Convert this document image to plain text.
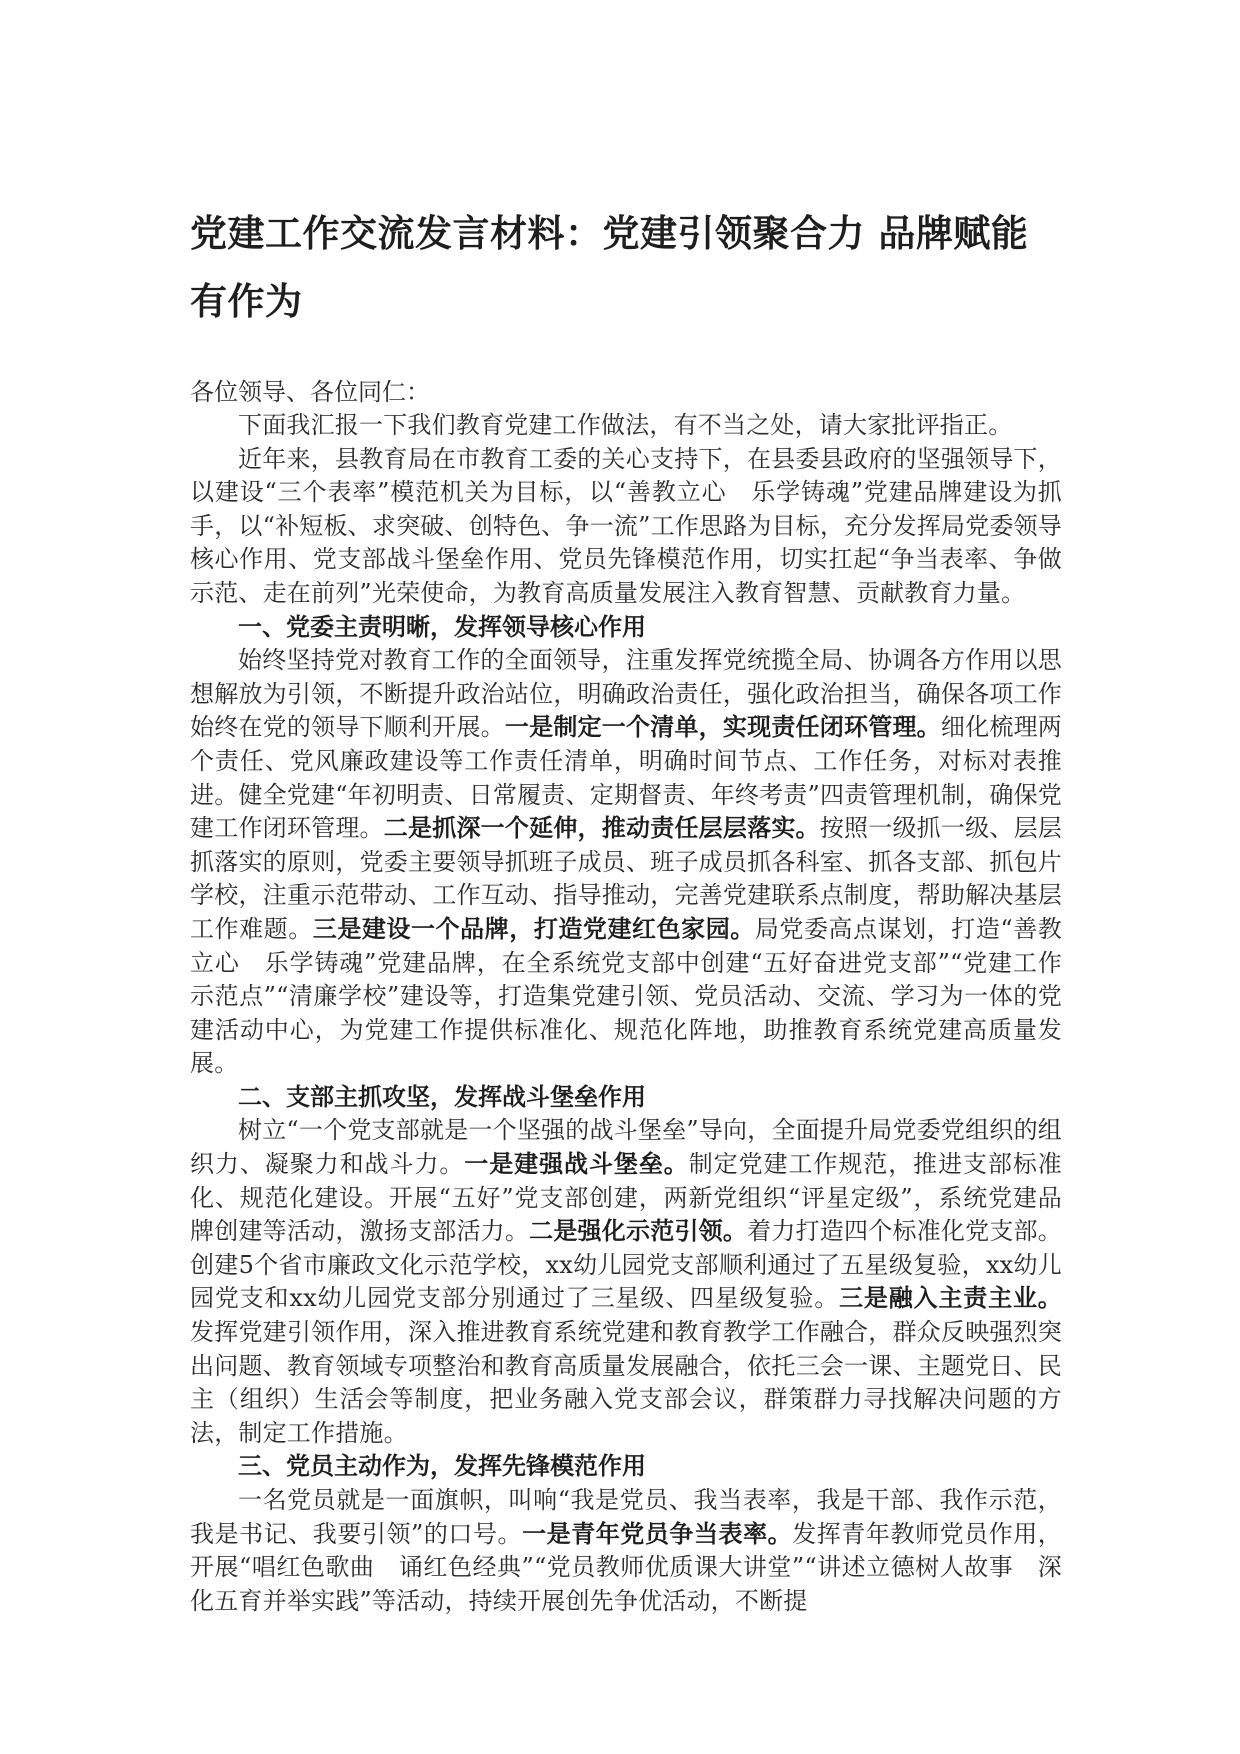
党建工作交流发言材料：党建引领聚合力 品牌赋能有作为

各位领导、各位同仁：

下面我汇报一下我们教育党建工作做法，有不当之处，请大家批评指正。

近年来，县教育局在市教育工委的关心支持下，在县委县政府的坚强领导下，以建设“三个表率”模范机关为目标，以“善教立心　乐学铸魂”党建品牌建设为抓手，以“补短板、求突破、创特色、争一流”工作思路为目标，充分发挥局党委领导核心作用、党支部战斗堡垒作用、党员先锋模范作用，切实扛起“争当表率、争做示范、走在前列”光荣使命，为教育高质量发展注入教育智慧、贡献教育力量。

一、党委主责明晰，发挥领导核心作用

始终坚持党对教育工作的全面领导，注重发挥党统揽全局、协调各方作用以思想解放为引领，不断提升政治站位，明确政治责任，强化政治担当，确保各项工作始终在党的领导下顺利开展。一是制定一个清单，实现责任闭环管理。细化梳理两个责任、党风廉政建设等工作责任清单，明确时间节点、工作任务，对标对表推进。健全党建“年初明责、日常履责、定期督责、年终考责”四责管理机制，确保党建工作闭环管理。二是抓深一个延伸，推动责任层层落实。按照一级抓一级、层层抓落实的原则，党委主要领导抓班子成员、班子成员抓各科室、抓各支部、抓包片学校，注重示范带动、工作互动、指导推动，完善党建联系点制度，帮助解决基层工作难题。三是建设一个品牌，打造党建红色家园。局党委高点谋划，打造“善教立心　乐学铸魂”党建品牌，在全系统党支部中创建“五好奋进党支部”“党建工作示范点”“清廉学校”建设等，打造集党建引领、党员活动、交流、学习为一体的党建活动中心，为党建工作提供标准化、规范化阵地，助推教育系统党建高质量发展。

二、支部主抓攻坚，发挥战斗堡垒作用

树立“一个党支部就是一个坚强的战斗堡垒”导向，全面提升局党委党组织的组织力、凝聚力和战斗力。一是建强战斗堡垒。制定党建工作规范，推进支部标准化、规范化建设。开展“五好”党支部创建，两新党组织“评星定级”，系统党建品牌创建等活动，激扬支部活力。二是强化示范引领。着力打造四个标准化党支部。创建5个省市廉政文化示范学校，xx幼儿园党支部顺利通过了五星级复验，xx幼儿园党支和xx幼儿园党支部分别通过了三星级、四星级复验。三是融入主责主业。发挥党建引领作用，深入推进教育系统党建和教育教学工作融合，群众反映强烈突出问题、教育领域专项整治和教育高质量发展融合，依托三会一课、主题党日、民主（组织）生活会等制度，把业务融入党支部会议，群策群力寻找解决问题的方法，制定工作措施。

三、党员主动作为，发挥先锋模范作用

一名党员就是一面旗帜，叫响“我是党员、我当表率，我是干部、我作示范，我是书记、我要引领”的口号。一是青年党员争当表率。发挥青年教师党员作用，开展“唱红色歌曲　诵红色经典”“党员教师优质课大讲堂”“讲述立德树人故事　深化五育并举实践”等活动，持续开展创先争优活动，不断提
